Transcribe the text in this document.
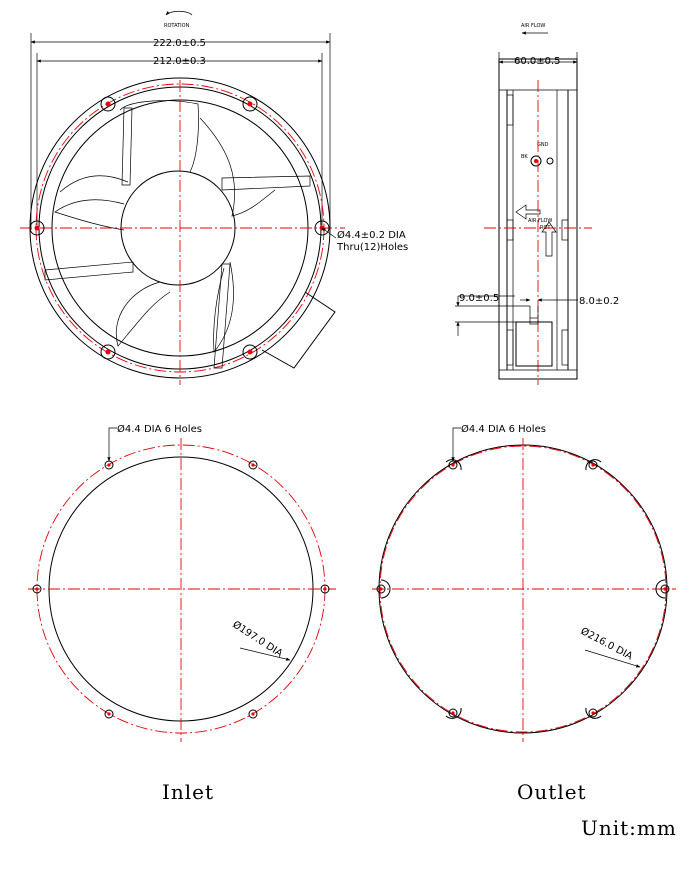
ROTATION
222.0±0.5
212.0±0.3
Ø4.4±0.2 DIA
Thru(12)Holes
AIR FLOW
60.0±0.5
GND
BK
AIR FLOW
ROT
9.0±0.5	8.0±0.2
Ø4.4 DIA 6 Holes
Ø197.0 DIA
Inlet
Ø4.4 DIA 6 Holes
Ø216.0 DIA
Outlet
Unit:mm
